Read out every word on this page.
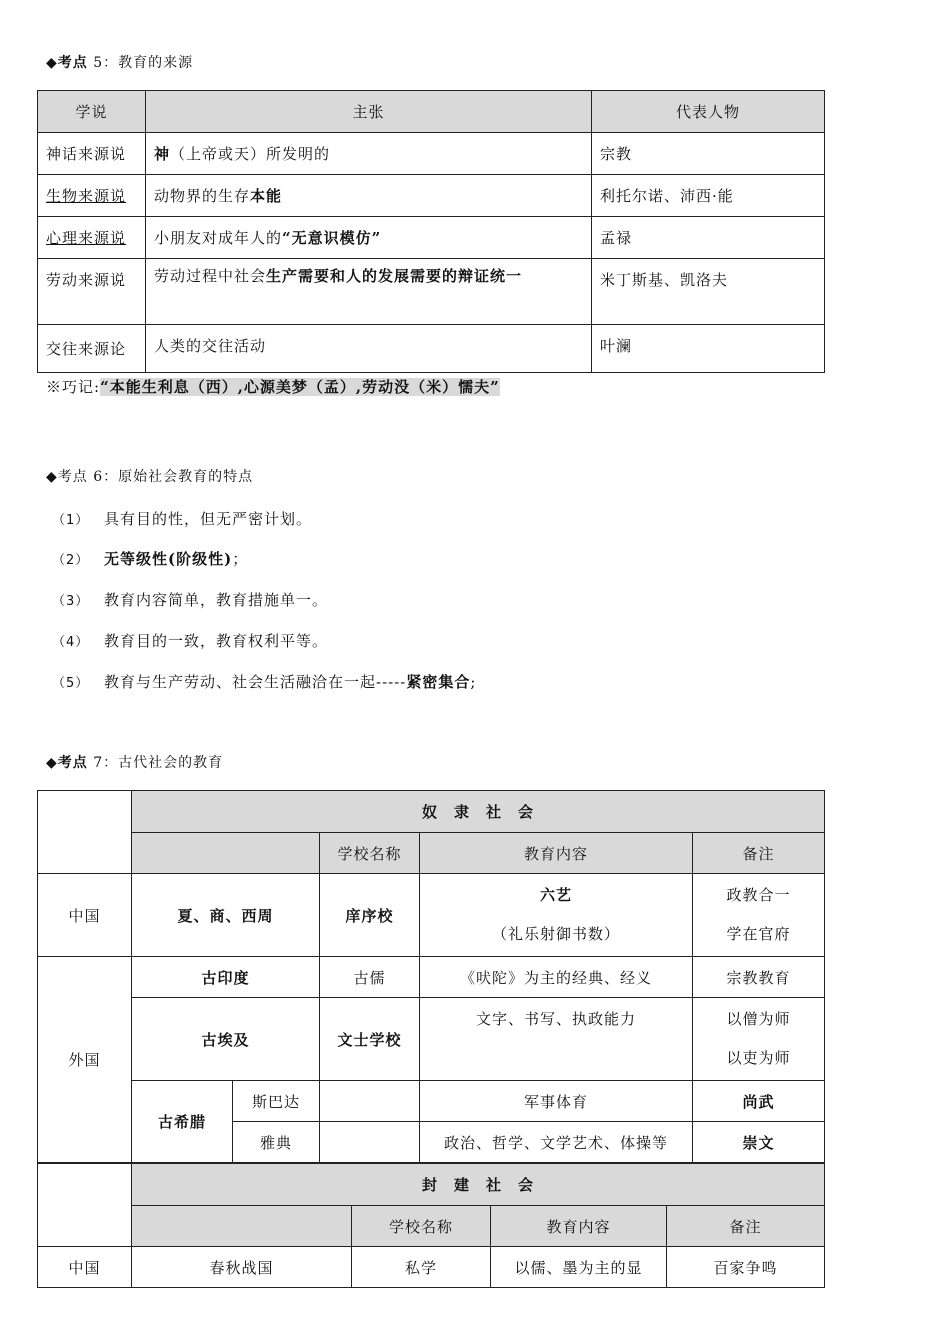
◆考点 5：教育的来源
学说	主张	代表人物
神话来源说	神（上帝或天）所发明的	宗教
生物来源说	动物界的生存本能	利托尔诺、沛西·能
心理来源说	小朋友对成年人的“无意识模仿”	孟禄
劳动来源说	劳动过程中社会生产需要和人的发展需要的辩证统一	米丁斯基、凯洛夫
交往来源论	人类的交往活动	叶澜
※巧记:“本能生利息（西）,心源美梦（孟）,劳动没（米）懦夫”
◆考点 6：原始社会教育的特点
（1） 具有目的性，但无严密计划。
（2） 无等级性(阶级性)；
（3） 教育内容简单，教育措施单一。
（4） 教育目的一致，教育权利平等。
（5） 教育与生产劳动、社会生活融洽在一起-----紧密集合;
◆考点 7：古代社会的教育
	奴　隶　社　会				
			学校名称	教育内容	备注
中国	夏、商、西周		庠序校	六艺
（礼乐射御书数）	政教合一
学在官府

外国	古印度		古儒	《吠陀》为主的经典、经义	宗教教育
	古埃及		文士学校	文字、书写、执政能力	以僧为师
以吏为师

	古希腊	斯巴达		军事体育	尚武
		雅典		政治、哲学、文学艺术、体操等	崇文
	封　建　社　会			
		学校名称	教育内容	备注
中国	春秋战国	私学	以儒、墨为主的显	百家争鸣
